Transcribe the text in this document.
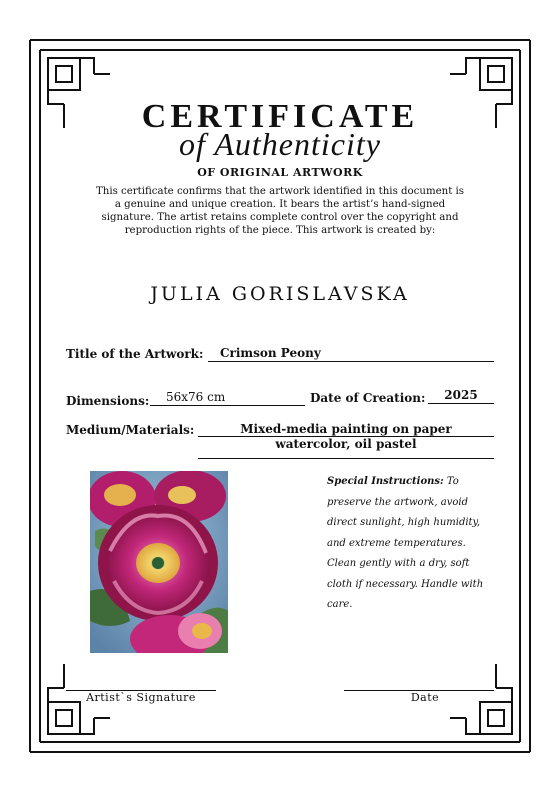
CERTIFICATE
of Authenticity
OF ORIGINAL ARTWORK
This certificate confirms that the artwork identified in this document is
a genuine and unique creation. It bears the artist’s hand-signed
signature. The artist retains complete control over the copyright and
reproduction rights of the piece. This artwork is created by:
JULIA GORISLAVSKA
Title of the Artwork:	Crimson Peony
Dimensions:	56x76 cm	Date of Creation:	2025
Medium/Materials:	Mixed-media painting on paper
watercolor, oil pastel
Special Instructions: To preserve the artwork, avoid direct sunlight, high humidity, and extreme temperatures. Clean gently with a dry, soft cloth if necessary. Handle with care.
Artist`s Signature	Date
